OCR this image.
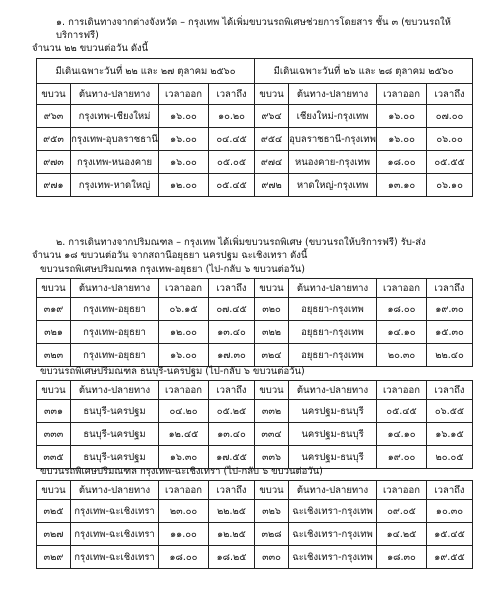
๑. การเดินทางจากต่างจังหวัด – กรุงเทพ ได้เพิ่มขบวนรถพิเศษช่วยการโดยสาร ชั้น ๓ (ขบวนรถให้บริการฟรี)
จำนวน ๒๒ ขบวนต่อวัน ดังนี้
มีเดินเฉพาะวันที่ ๒๒ และ ๒๗ ตุลาคม ๒๕๖๐				มีเดินเฉพาะวันที่ ๒๖ และ ๒๘ ตุลาคม ๒๕๖๐			
ขบวน	ต้นทาง-ปลายทาง	เวลาออก	เวลาถึง	ขบวน	ต้นทาง-ปลายทาง	เวลาออก	เวลาถึง
๙๖๓	กรุงเทพ-เชียงใหม่	๑๖.๐๐	๑๐.๒๐	๙๖๔	เชียงใหม่-กรุงเทพ	๑๖.๐๐	๐๗.๐๐
๙๕๓	กรุงเทพ-อุบลราชธานี	๑๖.๐๐	๐๔.๔๕	๙๕๔	อุบลราชธานี-กรุงเทพ	๑๖.๐๐	๐๖.๐๐
๙๗๓	กรุงเทพ-หนองคาย	๑๖.๐๐	๐๕.๐๕	๙๗๔	หนองคาย-กรุงเทพ	๑๘.๐๐	๐๕.๕๕
๙๗๑	กรุงเทพ-หาดใหญ่	๑๒.๐๐	๐๕.๔๕	๙๗๒	หาดใหญ่-กรุงเทพ	๑๓.๑๐	๐๖.๑๐
๒. การเดินทางจากปริมณฑล – กรุงเทพ ได้เพิ่มขบวนรถพิเศษ (ขบวนรถให้บริการฟรี) รับ-ส่ง
จำนวน ๑๘ ขบวนต่อวัน จากสถานีอยุธยา นครปฐม ฉะเชิงเทรา ดังนี้
ขบวนรถพิเศษปริมณฑล กรุงเทพ-อยุธยา (ไป-กลับ ๖ ขบวนต่อวัน)
ขบวน	ต้นทาง-ปลายทาง	เวลาออก	เวลาถึง	ขบวน	ต้นทาง-ปลายทาง	เวลาออก	เวลาถึง
๓๑๙	กรุงเทพ-อยุธยา	๐๖.๑๕	๐๗.๔๕	๓๒๐	อยุธยา-กรุงเทพ	๑๘.๐๐	๑๙.๓๐
๓๒๑	กรุงเทพ-อยุธยา	๑๒.๐๐	๑๓.๔๐	๓๒๒	อยุธยา-กรุงเทพ	๑๔.๑๐	๑๕.๓๐
๓๒๓	กรุงเทพ-อยุธยา	๑๖.๐๐	๑๗.๓๐	๓๒๔	อยุธยา-กรุงเทพ	๒๐.๓๐	๒๒.๔๐
ขบวนรถพิเศษปริมณฑล ธนบุรี-นครปฐม (ไป-กลับ ๖ ขบวนต่อวัน)
ขบวน	ต้นทาง-ปลายทาง	เวลาออก	เวลาถึง	ขบวน	ต้นทาง-ปลายทาง	เวลาออก	เวลาถึง
๓๓๑	ธนบุรี-นครปฐม	๐๔.๒๐	๐๕.๒๕	๓๓๒	นครปฐม-ธนบุรี	๐๕.๔๕	๐๖.๕๕
๓๓๓	ธนบุรี-นครปฐม	๑๒.๔๕	๑๓.๔๐	๓๓๔	นครปฐม-ธนบุรี	๑๔.๑๐	๑๖.๑๕
๓๓๕	ธนบุรี-นครปฐม	๑๖.๓๐	๑๗.๕๕	๓๓๖	นครปฐม-ธนบุรี	๑๙.๐๐	๒๐.๐๕
ขบวนรถพิเศษปริมณฑล กรุงเทพ-ฉะเชิงเทรา (ไป-กลับ ๖ ขบวนต่อวัน)
ขบวน	ต้นทาง-ปลายทาง	เวลาออก	เวลาถึง	ขบวน	ต้นทาง-ปลายทาง	เวลาออก	เวลาถึง
๓๒๕	กรุงเทพ-ฉะเชิงเทรา	๒๓.๐๐	๒๒.๒๕	๓๒๖	ฉะเชิงเทรา-กรุงเทพ	๐๙.๐๕	๑๐.๓๐
๓๒๗	กรุงเทพ-ฉะเชิงเทรา	๑๑.๐๐	๑๒.๒๕	๓๒๘	ฉะเชิงเทรา-กรุงเทพ	๑๔.๒๕	๑๕.๔๕
๓๒๙	กรุงเทพ-ฉะเชิงเทรา	๑๘.๐๐	๑๘.๒๕	๓๓๐	ฉะเชิงเทรา-กรุงเทพ	๑๘.๓๐	๑๙.๕๕
